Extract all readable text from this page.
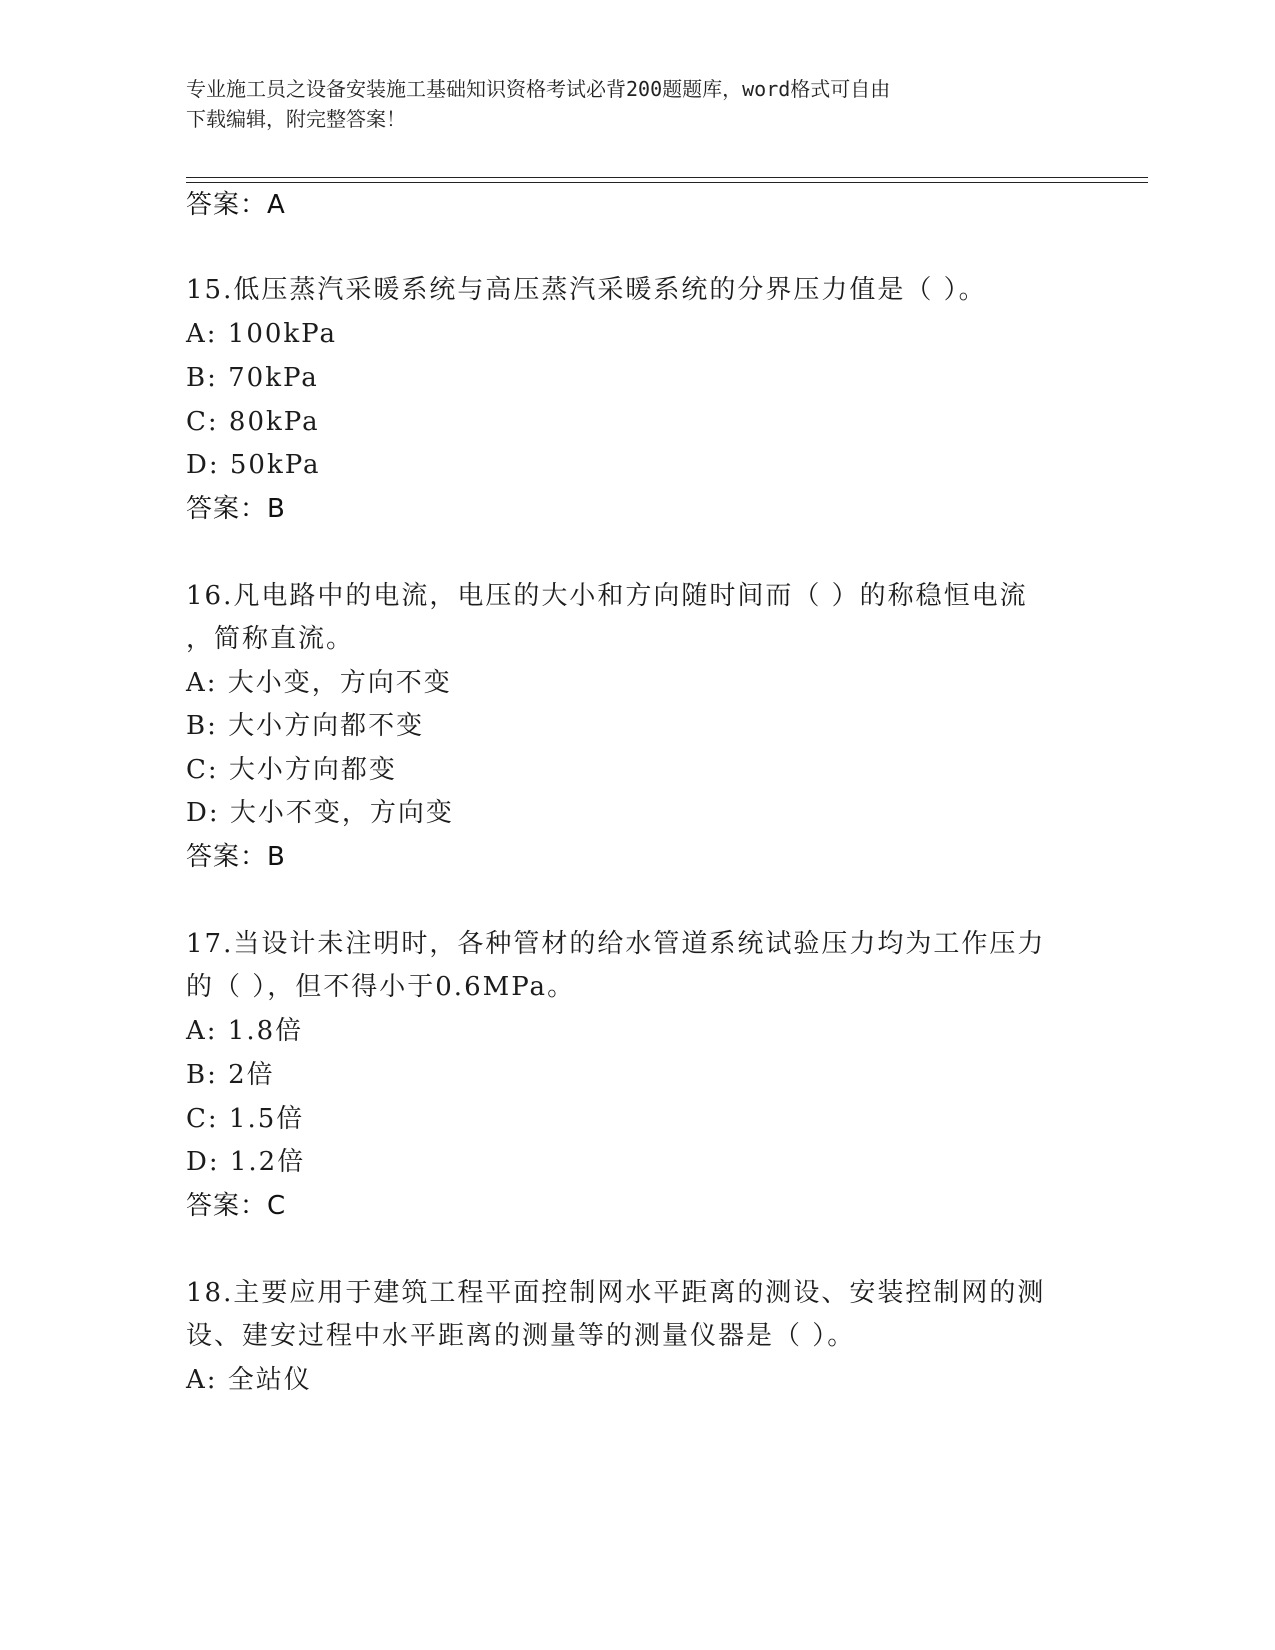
专业施工员之设备安装施工基础知识资格考试必背200题题库，word格式可自由
下载编辑，附完整答案！
答案：A
15.低压蒸汽采暖系统与高压蒸汽采暖系统的分界压力值是（ ）。
A: 100kPa
B: 70kPa
C: 80kPa
D: 50kPa
答案：B
16.凡电路中的电流，电压的大小和方向随时间而（ ）的称稳恒电流
，简称直流。
A: 大小变，方向不变
B: 大小方向都不变
C: 大小方向都变
D: 大小不变，方向变
答案：B
17.当设计未注明时，各种管材的给水管道系统试验压力均为工作压力
的（ ），但不得小于0.6MPa。
A: 1.8倍
B: 2倍
C: 1.5倍
D: 1.2倍
答案：C
18.主要应用于建筑工程平面控制网水平距离的测设、安装控制网的测
设、建安过程中水平距离的测量等的测量仪器是（ ）。
A: 全站仪
